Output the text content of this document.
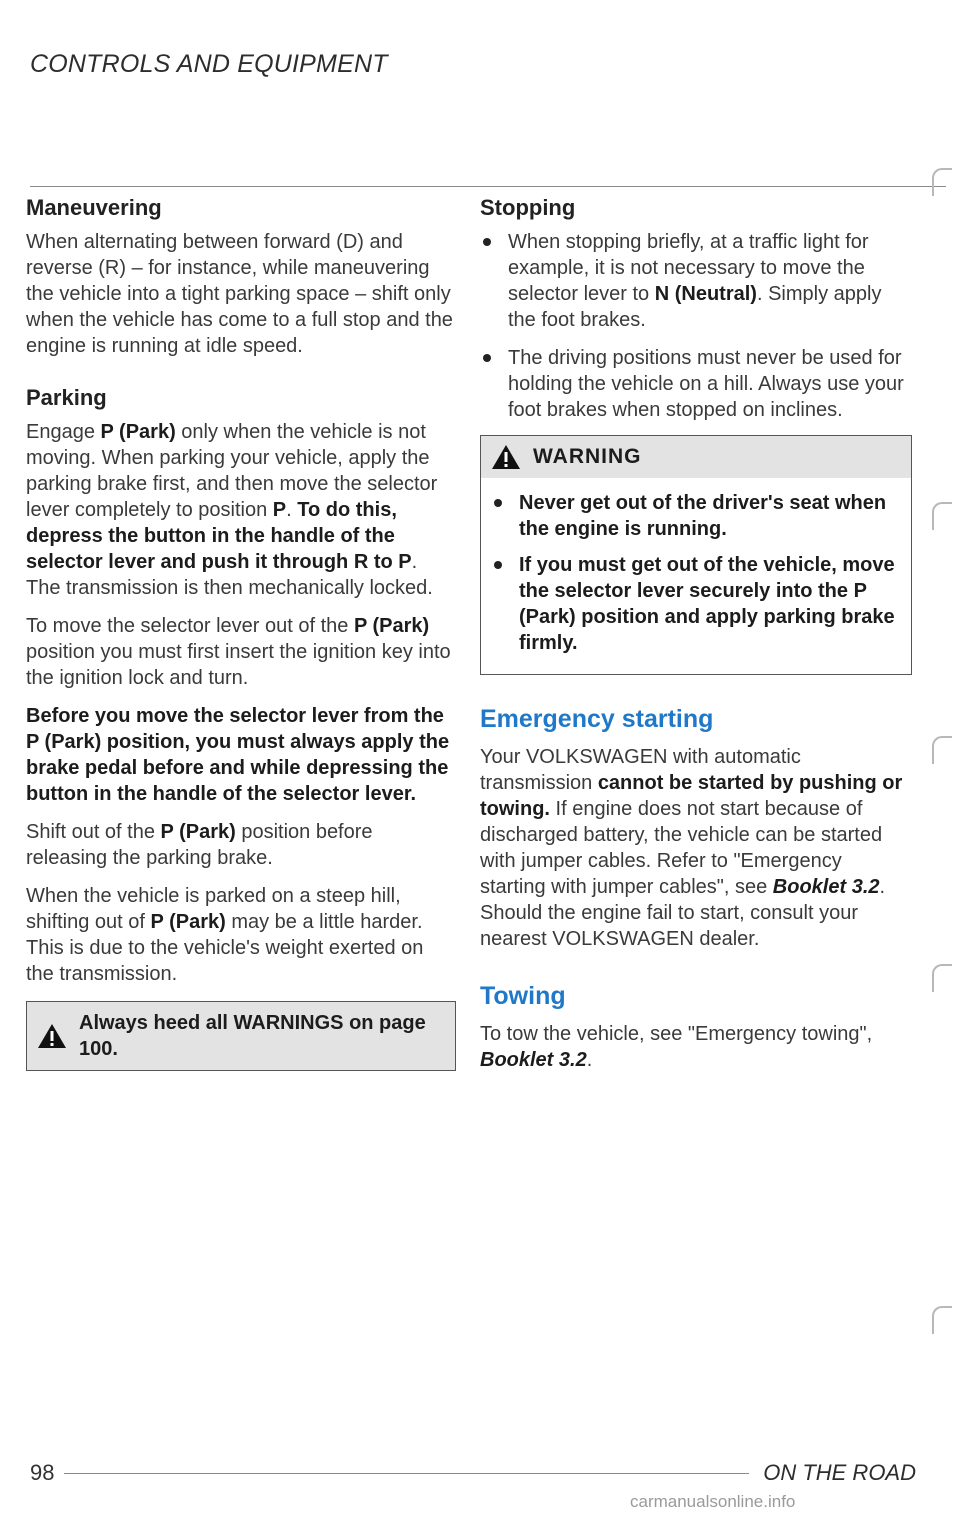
CONTROLS AND EQUIPMENT
Maneuvering

When alternating between forward (D) and reverse (R) – for instance, while maneuvering the vehicle into a tight parking space – shift only when the vehicle has come to a full stop and the engine is running at idle speed.

Parking

Engage P (Park) only when the vehicle is not moving. When parking your vehicle, apply the parking brake first, and then move the selector lever completely to position P. To do this, depress the button in the handle of the selector lever and push it through R to P. The transmission is then mechanically locked.

To move the selector lever out of the P (Park) position you must first insert the ignition key into the ignition lock and turn.

Before you move the selector lever from the P (Park) position, you must always apply the brake pedal before and while depressing the button in the handle of the selector lever.

Shift out of the P (Park) position before releasing the parking brake.

When the vehicle is parked on a steep hill, shifting out of P (Park) may be a little harder. This is due to the vehicle's weight exerted on the transmission.

Always heed all WARNINGS on page 100.
Stopping

When stopping briefly, at a traffic light for example, it is not necessary to move the selector lever to N (Neutral). Simply apply the foot brakes.

The driving positions must never be used for holding the vehicle on a hill. Always use your foot brakes when stopped on inclines.

WARNING

Never get out of the driver's seat when the engine is running.

If you must get out of the vehicle, move the selector lever securely into the P (Park) position and apply parking brake firmly.

Emergency starting

Your VOLKSWAGEN with automatic transmission cannot be started by pushing or towing. If engine does not start because of discharged battery, the vehicle can be started with jumper cables. Refer to "Emergency starting with jumper cables", see Booklet 3.2. Should the engine fail to start, consult your nearest VOLKSWAGEN dealer.

Towing

To tow the vehicle, see "Emergency towing", Booklet 3.2.

98	ON THE ROAD
carmanualsonline.info
